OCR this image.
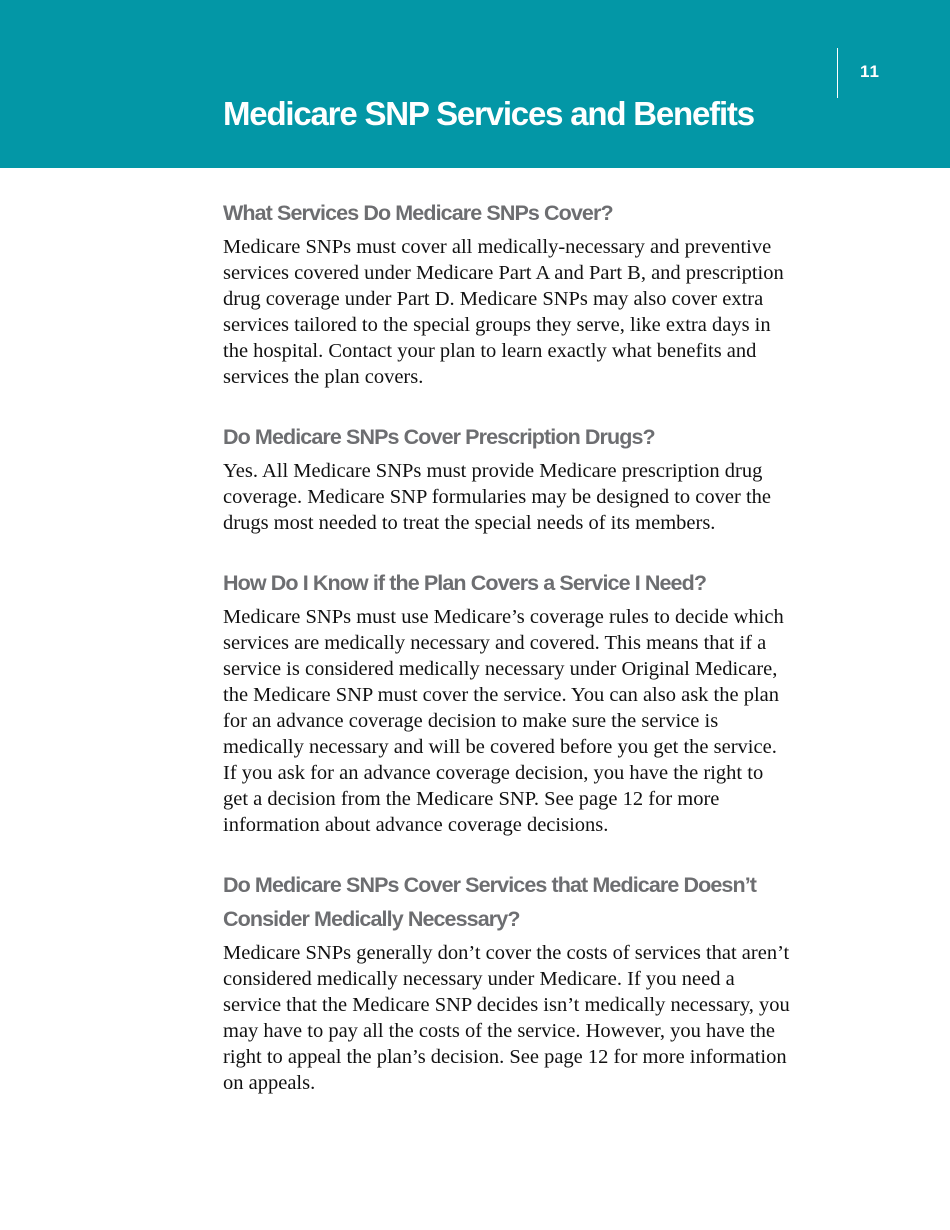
11
Medicare SNP Services and Benefits
What Services Do Medicare SNPs Cover?

Medicare SNPs must cover all medically-necessary and preventive services covered under Medicare Part A and Part B, and prescription drug coverage under Part D. Medicare SNPs may also cover extra services tailored to the special groups they serve, like extra days in the hospital. Contact your plan to learn exactly what benefits and services the plan covers.

Do Medicare SNPs Cover Prescription Drugs?

Yes. All Medicare SNPs must provide Medicare prescription drug coverage. Medicare SNP formularies may be designed to cover the drugs most needed to treat the special needs of its members.

How Do I Know if the Plan Covers a Service I Need?

Medicare SNPs must use Medicare’s coverage rules to decide which services are medically necessary and covered. This means that if a service is considered medically necessary under Original Medicare, the Medicare SNP must cover the service. You can also ask the plan for an advance coverage decision to make sure the service is medically necessary and will be covered before you get the service. If you ask for an advance coverage decision, you have the right to get a decision from the Medicare SNP. See page 12 for more information about advance coverage decisions.

Do Medicare SNPs Cover Services that Medicare Doesn’t Consider Medically Necessary?

Medicare SNPs generally don’t cover the costs of services that aren’t considered medically necessary under Medicare. If you need a service that the Medicare SNP decides isn’t medically necessary, you may have to pay all the costs of the service. However, you have the right to appeal the plan’s decision. See page 12 for more information on appeals.
